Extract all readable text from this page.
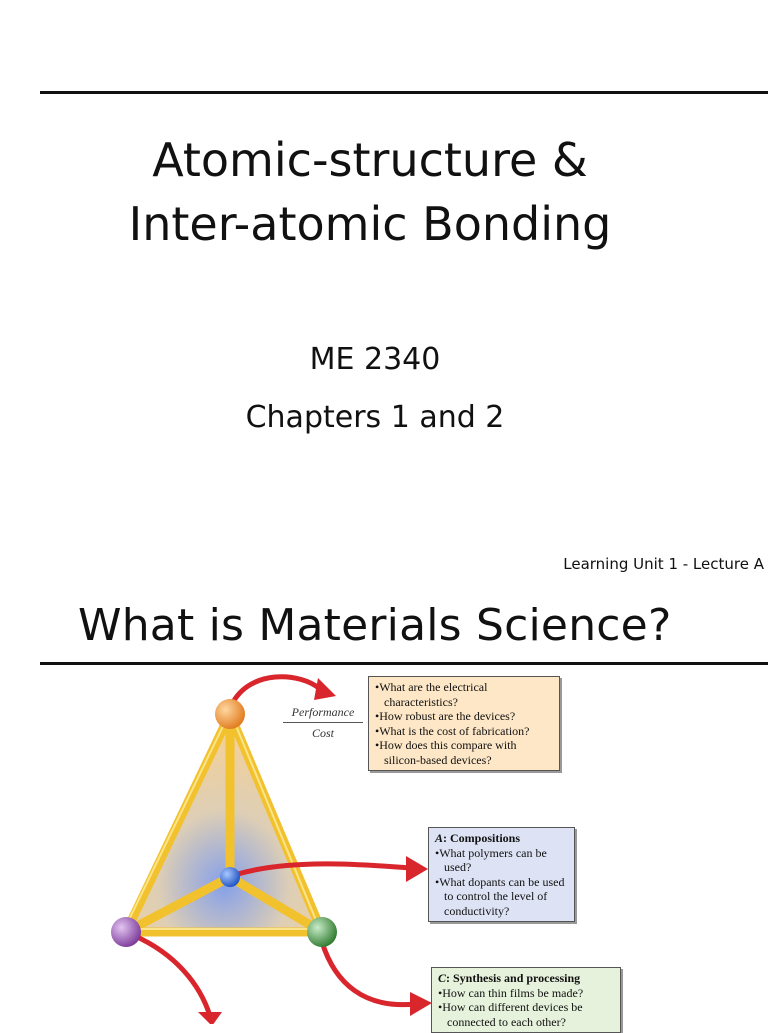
Atomic-structure &
Inter-atomic Bonding
ME 2340
Chapters 1 and 2
Learning Unit 1 - Lecture A
What is Materials Science?
Performance
Cost
• What are the electrical characteristics?
• How robust are the devices?
• What is the cost of fabrication?
• How does this compare with silicon-based devices?
A: Compositions
• What polymers can be used?
• What dopants can be used to control the level of conductivity?
C: Synthesis and processing
• How can thin films be made?
• How can different devices be connected to each other?
